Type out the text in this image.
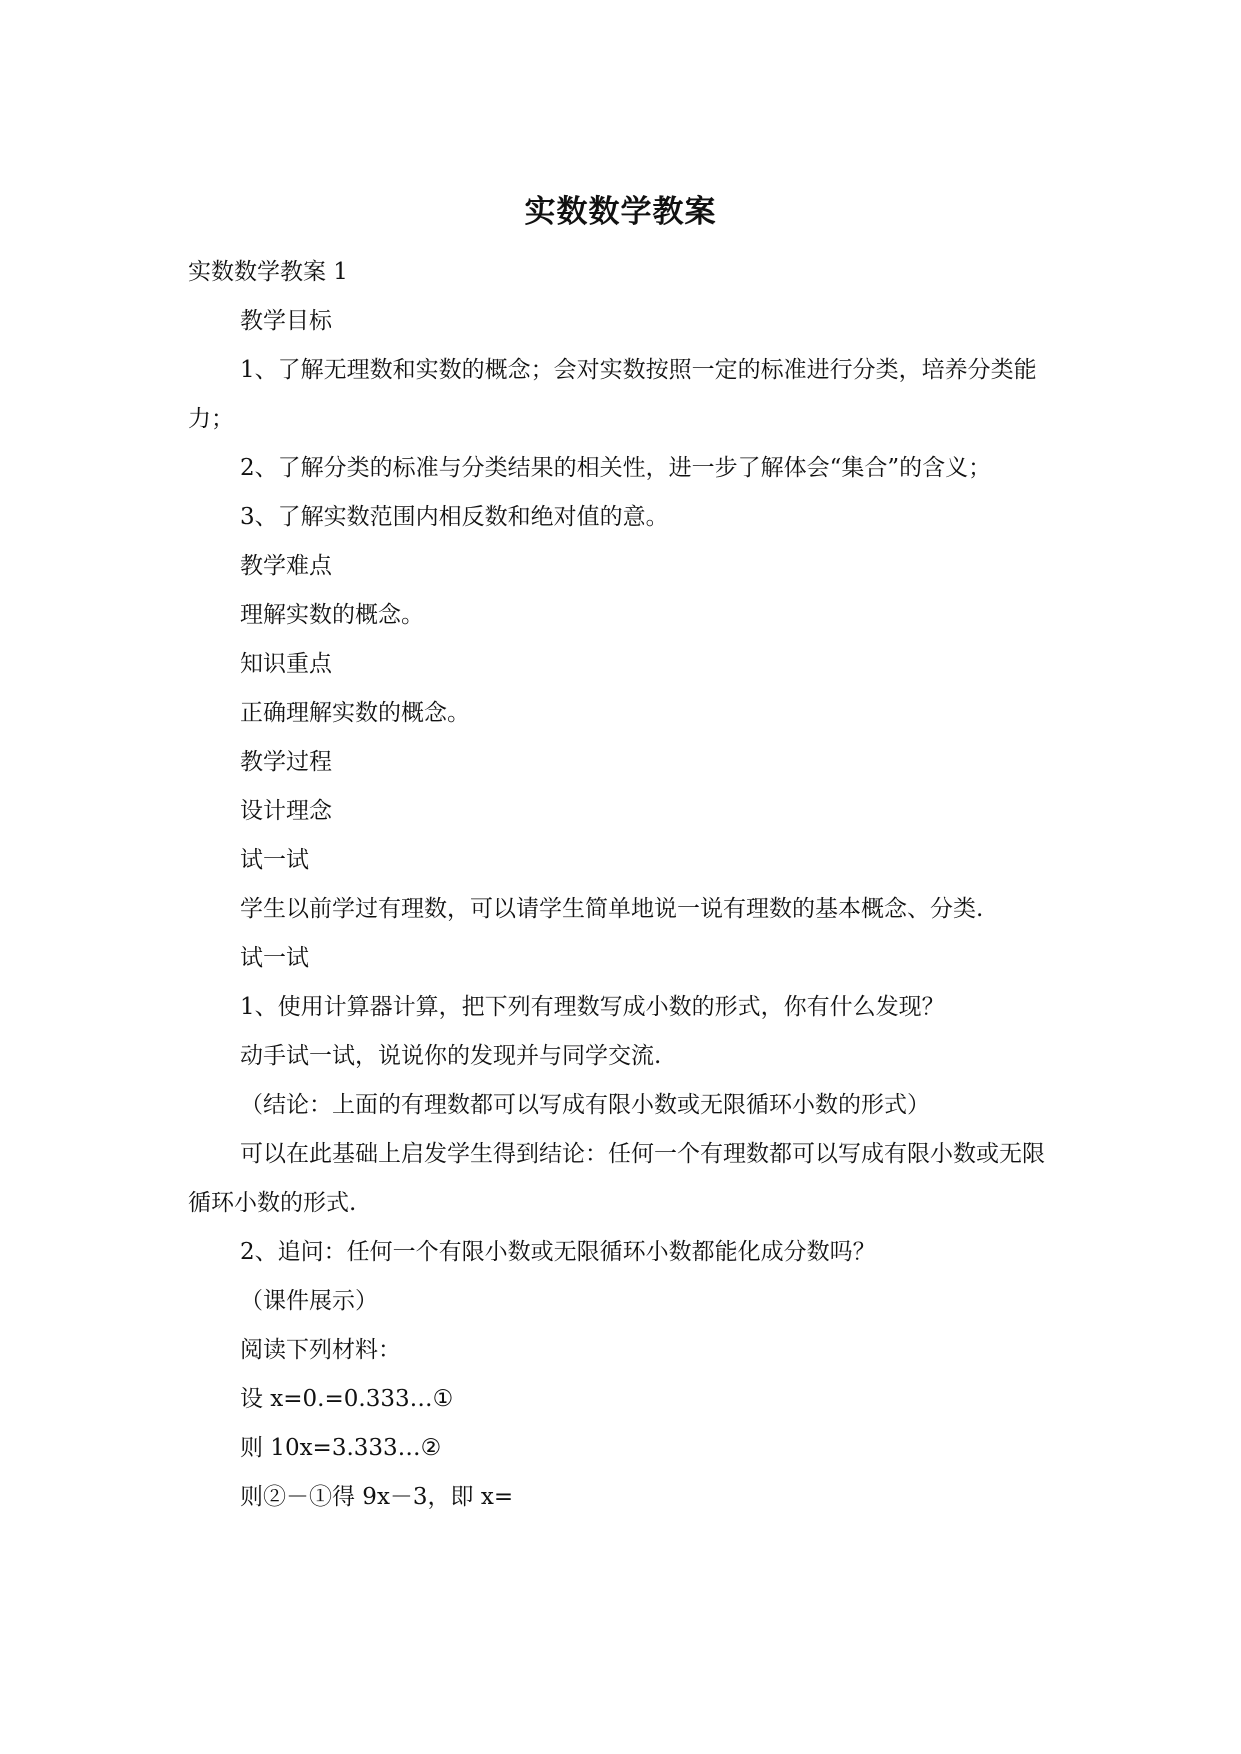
实数数学教案

实数数学教案 1

教学目标

1、了解无理数和实数的概念；会对实数按照一定的标准进行分类，培养分类能力；

2、了解分类的标准与分类结果的相关性，进一步了解体会“集合”的含义；

3、了解实数范围内相反数和绝对值的意。

教学难点

理解实数的概念。

知识重点

正确理解实数的概念。

教学过程

设计理念

试一试

学生以前学过有理数，可以请学生简单地说一说有理数的基本概念、分类.

试一试

1、使用计算器计算，把下列有理数写成小数的形式，你有什么发现？

动手试一试，说说你的发现并与同学交流.

（结论：上面的有理数都可以写成有限小数或无限循环小数的形式）

可以在此基础上启发学生得到结论：任何一个有理数都可以写成有限小数或无限循环小数的形式.

2、追问：任何一个有限小数或无限循环小数都能化成分数吗？

（课件展示）

阅读下列材料：

设 x=0.=0.333…①

则 10x=3.333…②

则②－①得 9x－3，即 x=
